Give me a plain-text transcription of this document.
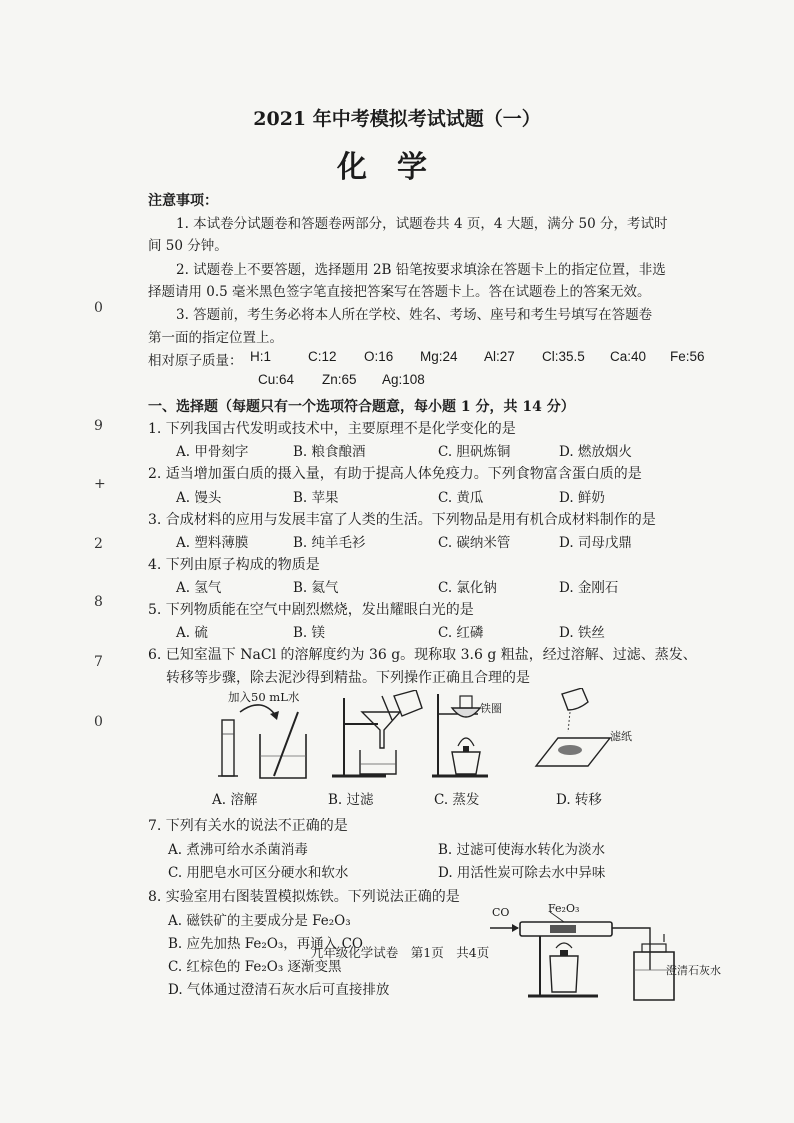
2021 年中考模拟考试试题（一）
化学
注意事项：
1. 本试卷分试题卷和答题卷两部分，试题卷共 4 页，4 大题，满分 50 分，考试时
间 50 分钟。
2. 试题卷上不要答题，选择题用 2B 铅笔按要求填涂在答题卡上的指定位置，非选
择题请用 0.5 毫米黑色签字笔直接把答案写在答题卡上。答在试题卷上的答案无效。
3. 答题前，考生务必将本人所在学校、姓名、考场、座号和考生号填写在答题卷
第一面的指定位置上。
相对原子质量： H:1	C:12 O:16 Mg:24 Al:27 Cl:35.5 Ca:40 Fe:56
Cu:64 Zn:65 Ag:108
一、选择题（每题只有一个选项符合题意，每小题 1 分，共 14 分）
1. 下列我国古代发明或技术中，主要原理不是化学变化的是
A. 甲骨刻字	B. 粮食酿酒	C. 胆矾炼铜	D. 燃放烟火
2. 适当增加蛋白质的摄入量，有助于提高人体免疫力。下列食物富含蛋白质的是
A. 馒头	B. 苹果	C. 黄瓜	D. 鲜奶
3. 合成材料的应用与发展丰富了人类的生活。下列物品是用有机合成材料制作的是
A. 塑料薄膜	B. 纯羊毛衫	C. 碳纳米管	D. 司母戊鼎
4. 下列由原子构成的物质是
A. 氢气	B. 氦气	C. 氯化钠	D. 金刚石
5. 下列物质能在空气中剧烈燃烧，发出耀眼白光的是
A. 硫	B. 镁	C. 红磷	D. 铁丝
6. 已知室温下 NaCl 的溶解度约为 36 g。现称取 3.6 g 粗盐，经过溶解、过滤、蒸发、
转移等步骤，除去泥沙得到精盐。下列操作正确且合理的是
加入50 mL水
铁圈
滤纸
A. 溶解	B. 过滤	C. 蒸发	D. 转移
7. 下列有关水的说法不正确的是
A. 煮沸可给水杀菌消毒	B. 过滤可使海水转化为淡水
C. 用肥皂水可区分硬水和软水	D. 用活性炭可除去水中异味
8. 实验室用右图装置模拟炼铁。下列说法正确的是
A. 磁铁矿的主要成分是 Fe₂O₃
B. 应先加热 Fe₂O₃，再通入 CO
C. 红棕色的 Fe₂O₃ 逐渐变黑
D. 气体通过澄清石灰水后可直接排放
CO	Fe₂O₃
澄清石灰水
九年级化学试卷　第1页　共4页
0
9
+
2
8
7
0
